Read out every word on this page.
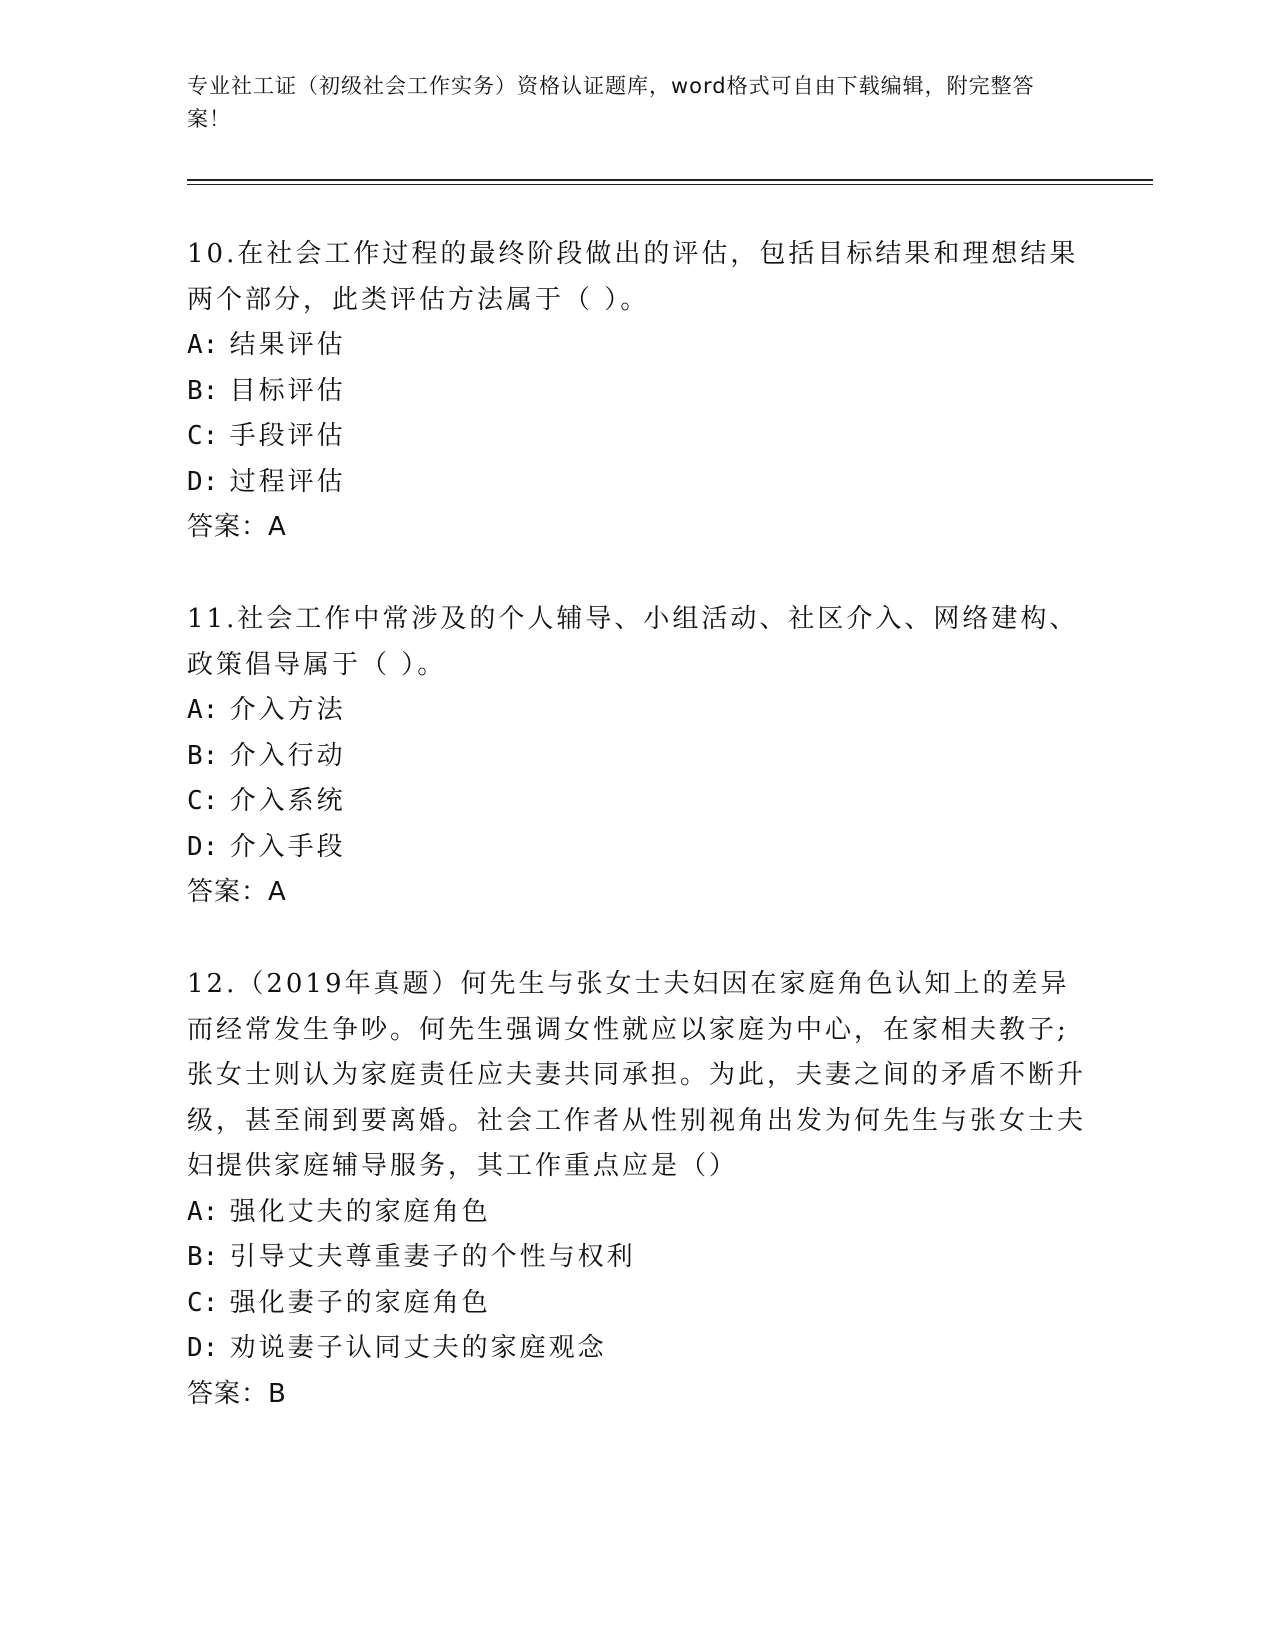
专业社工证（初级社会工作实务）资格认证题库，word格式可自由下载编辑，附完整答案！
10.在社会工作过程的最终阶段做出的评估，包括目标结果和理想结果两个部分，此类评估方法属于（ ）。
A: 结果评估
B: 目标评估
C: 手段评估
D: 过程评估
答案：A
11.社会工作中常涉及的个人辅导、小组活动、社区介入、网络建构、政策倡导属于（ ）。
A: 介入方法
B: 介入行动
C: 介入系统
D: 介入手段
答案：A
12.（2019年真题）何先生与张女士夫妇因在家庭角色认知上的差异而经常发生争吵。何先生强调女性就应以家庭为中心，在家相夫教子;张女士则认为家庭责任应夫妻共同承担。为此，夫妻之间的矛盾不断升级，甚至闹到要离婚。社会工作者从性别视角出发为何先生与张女士夫妇提供家庭辅导服务，其工作重点应是（）
A: 强化丈夫的家庭角色
B: 引导丈夫尊重妻子的个性与权利
C: 强化妻子的家庭角色
D: 劝说妻子认同丈夫的家庭观念
答案：B
